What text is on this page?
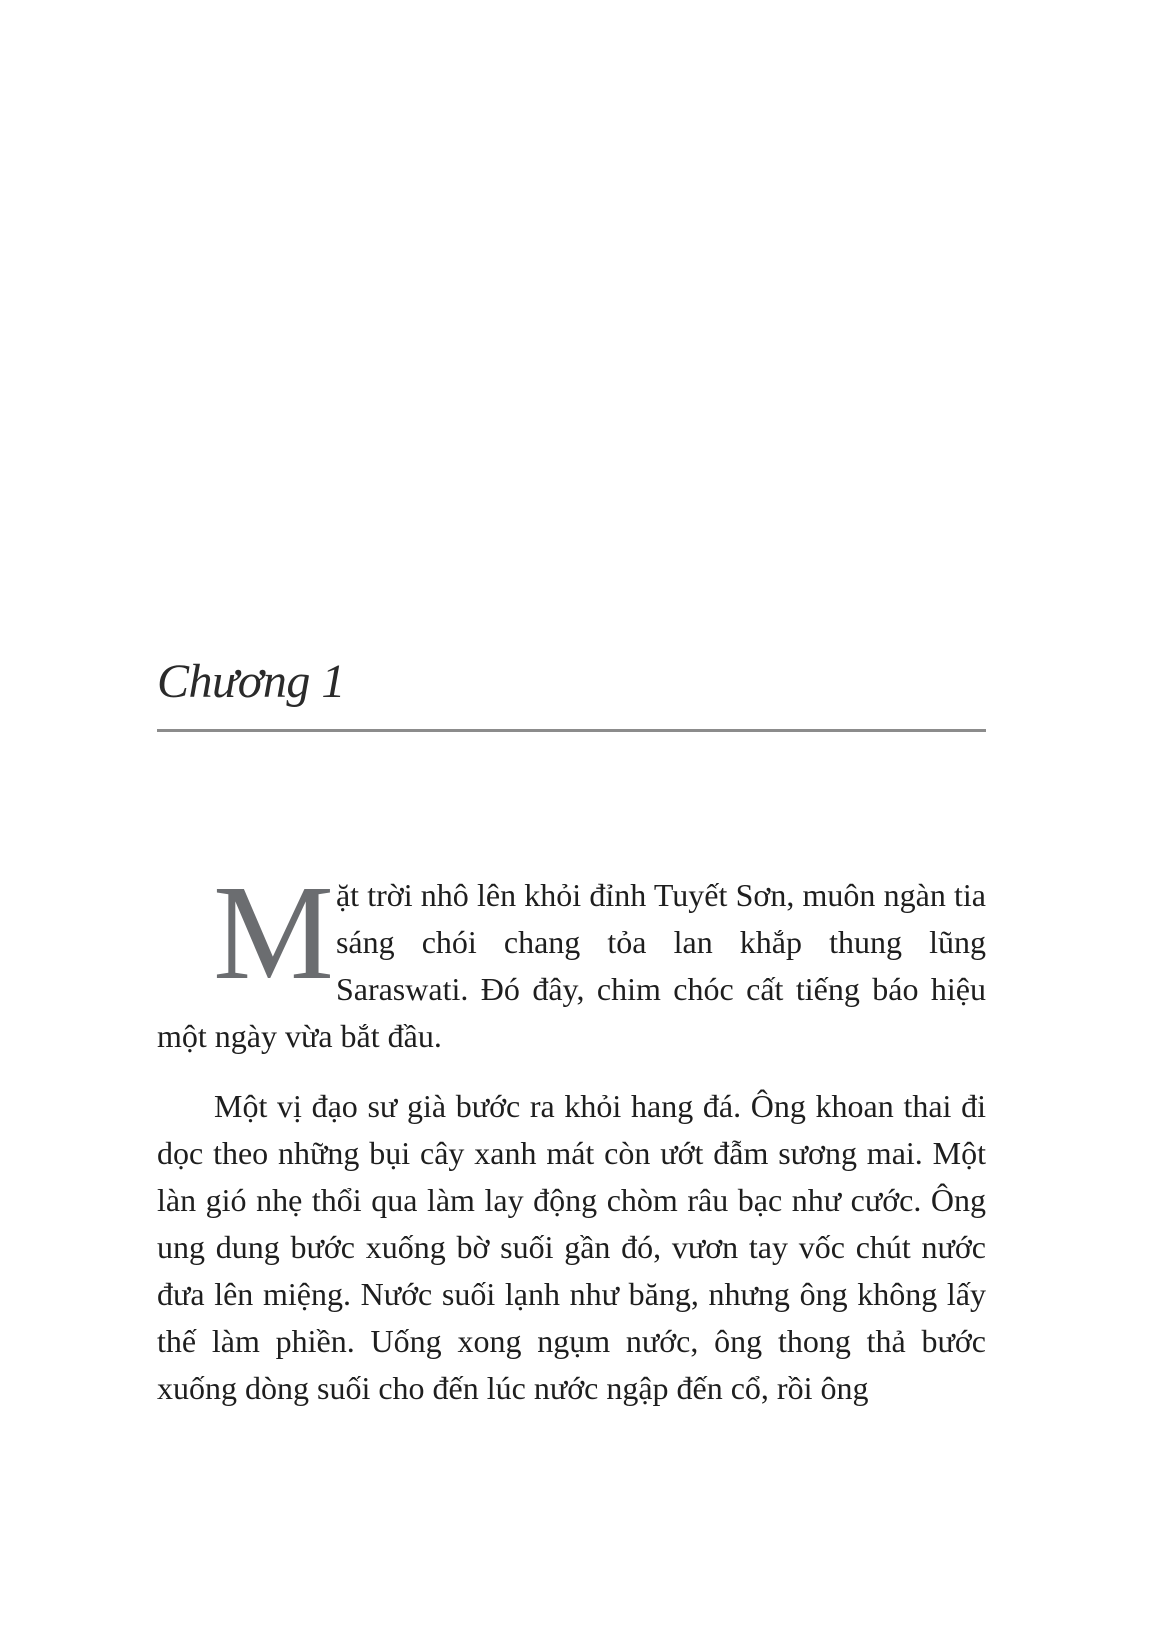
Chương 1

Mặt trời nhô lên khỏi đỉnh Tuyết Sơn, muôn ngàn tia sáng chói chang tỏa lan khắp thung lũng Saraswati. Đó đây, chim chóc cất tiếng báo hiệu một ngày vừa bắt đầu.

Một vị đạo sư già bước ra khỏi hang đá. Ông khoan thai đi dọc theo những bụi cây xanh mát còn ướt đẫm sương mai. Một làn gió nhẹ thổi qua làm lay động chòm râu bạc như cước. Ông ung dung bước xuống bờ suối gần đó, vươn tay vốc chút nước đưa lên miệng. Nước suối lạnh như băng, nhưng ông không lấy thế làm phiền. Uống xong ngụm nước, ông thong thả bước xuống dòng suối cho đến lúc nước ngập đến cổ, rồi ông
